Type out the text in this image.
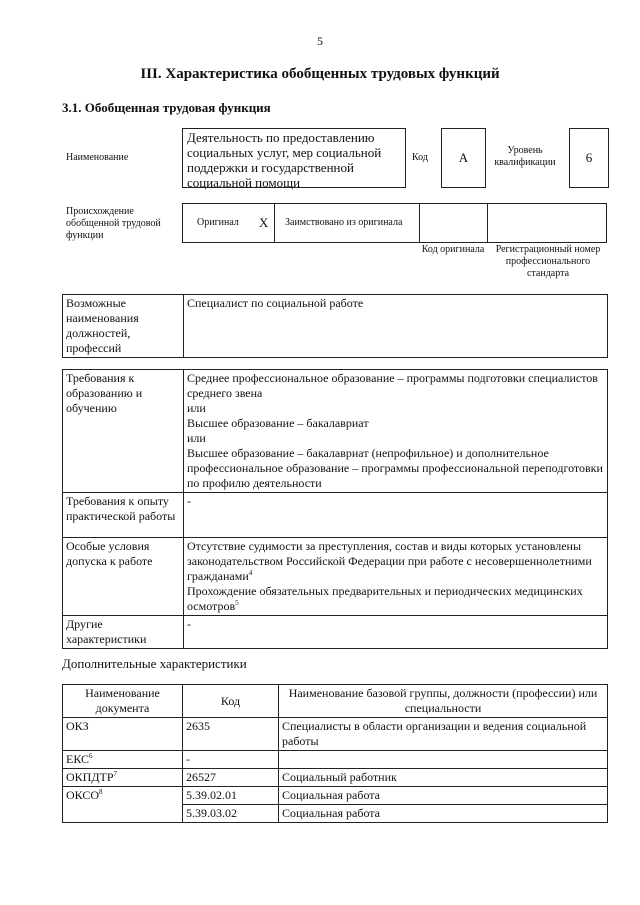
5
III. Характеристика обобщенных трудовых функций
3.1. Обобщенная трудовая функция
Наименование
Деятельность по предоставлению социальных услуг, мер социальной поддержки и государственной социальной помощи
Код	А	Уровень квалификации	6
Происхождение обобщенной трудовой функции
Оригинал X Заимствовано из оригинала
Код оригинала	Регистрационный номер профессионального стандарта
Возможные наименования должностей, профессий	Специалист по социальной работе
Требования к образованию и обучению	Среднее профессиональное образование – программы подготовки специалистов среднего звена
или
Высшее образование – бакалавриат
или
Высшее образование – бакалавриат (непрофильное) и дополнительное профессиональное образование – программы профессиональной переподготовки по профилю деятельности

Требования к опыту практической работы	-
Особые условия допуска к работе	Отсутствие судимости за преступления, состав и виды которых установлены законодательством Российской Федерации при работе с несовершеннолетними гражданами$^4$
Прохождение обязательных предварительных и периодических медицинских осмотров$^5$

Другие характеристики	-
Дополнительные характеристики
Наименование документа	Код	Наименование базовой группы, должности (профессии) или специальности
ОКЗ	2635	Специалисты в области организации и ведения социальной работы
ЕКС$^6$	-	
ОКПДТР$^7$	26527	Социальный работник
ОКСО$^8$	5.39.02.01	Социальная работа
	5.39.03.02	Социальная работа
